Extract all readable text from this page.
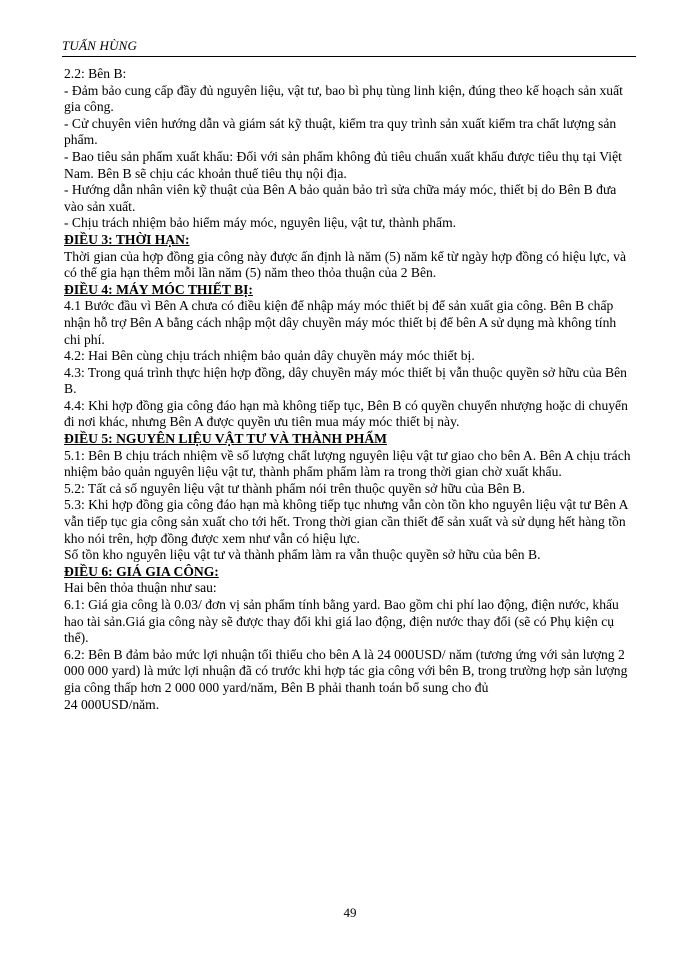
TUẤN HÙNG

2.2: Bên B:

- Đảm bảo cung cấp đầy đủ nguyên liệu, vật tư, bao bì phụ tùng linh kiện, đúng theo kế hoạch sản xuất gia công.

- Cử chuyên viên hướng dẫn và giám sát kỹ thuật, kiểm tra quy trình sản xuất kiểm tra chất lượng sản phẩm.

- Bao tiêu sản phẩm xuất khẩu: Đối với sản phẩm không đủ tiêu chuẩn xuất khẩu được tiêu thụ tại Việt Nam. Bên B sẽ chịu các khoản thuế tiêu thụ nội địa.

- Hướng dẫn nhân viên kỹ thuật của Bên A bảo quản bảo trì sửa chữa máy móc, thiết bị do Bên B đưa vào sản xuất.

- Chịu trách nhiệm bảo hiểm máy móc, nguyên liệu, vật tư, thành phẩm.

ĐIỀU 3: THỜI HẠN:

Thời gian của hợp đồng gia công này được ấn định là năm (5) năm kể từ ngày hợp đồng có hiệu lực, và có thể gia hạn thêm mỗi lần năm (5) năm theo thỏa thuận của 2 Bên.

ĐIỀU 4: MÁY MÓC THIẾT BỊ:

4.1 Bước đầu vì Bên A chưa có điều kiện để nhập máy móc thiết bị để sản xuất gia công. Bên B chấp nhận hỗ trợ Bên A bằng cách nhập một dây chuyền máy móc thiết bị để bên A sử dụng mà không tính chi phí.

4.2: Hai Bên cùng chịu trách nhiệm bảo quản dây chuyền máy móc thiết bị.

4.3: Trong quá trình thực hiện hợp đồng, dây chuyền máy móc thiết bị vẫn thuộc quyền sở hữu của Bên B.

4.4: Khi hợp đồng gia công đáo hạn mà không tiếp tục, Bên B có quyền chuyển nhượng hoặc di chuyển đi nơi khác, nhưng Bên A được quyền ưu tiên mua máy móc thiết bị này.

ĐIỀU 5: NGUYÊN LIỆU VẬT TƯ VÀ THÀNH PHẨM

5.1: Bên B chịu trách nhiệm về số lượng chất lượng nguyên liệu vật tư giao cho bên A. Bên A chịu trách nhiệm bảo quản nguyên liệu vật tư, thành phẩm phẩm làm ra trong thời gian chờ xuất khẩu.

5.2: Tất cả số nguyên liệu vật tư thành phẩm nói trên thuộc quyền sở hữu của Bên B.

5.3: Khi hợp đồng gia công đáo hạn mà không tiếp tục nhưng vẫn còn tồn kho nguyên liệu vật tư Bên A vẫn tiếp tục gia công sản xuất cho tới hết. Trong thời gian cần thiết để sản xuất và sử dụng hết hàng tồn kho nói trên, hợp đồng được xem như vẫn có hiệu lực.

Số tồn kho nguyên liệu vật tư và thành phẩm làm ra vẫn thuộc quyền sở hữu của bên B.

ĐIỀU 6: GIÁ GIA CÔNG:

Hai bên thỏa thuận như sau:

6.1: Giá gia công là 0.03/ đơn vị sản phẩm tính bằng yard. Bao gồm chi phí lao động, điện nước, khấu hao tài sản.Giá gia công này sẽ được thay đổi khi giá lao động, điện nước thay đổi (sẽ có Phụ kiện cụ thể).

6.2: Bên B đảm bảo mức lợi nhuận tối thiểu cho bên A là 24 000USD/ năm (tương ứng với sản lượng 2 000 000 yard) là mức lợi nhuận đã có trước khi hợp tác gia công với bên B, trong trường hợp sản lượng gia công thấp hơn 2 000 000 yard/năm, Bên B phải thanh toán bổ sung cho đủ

24 000USD/năm.

49
